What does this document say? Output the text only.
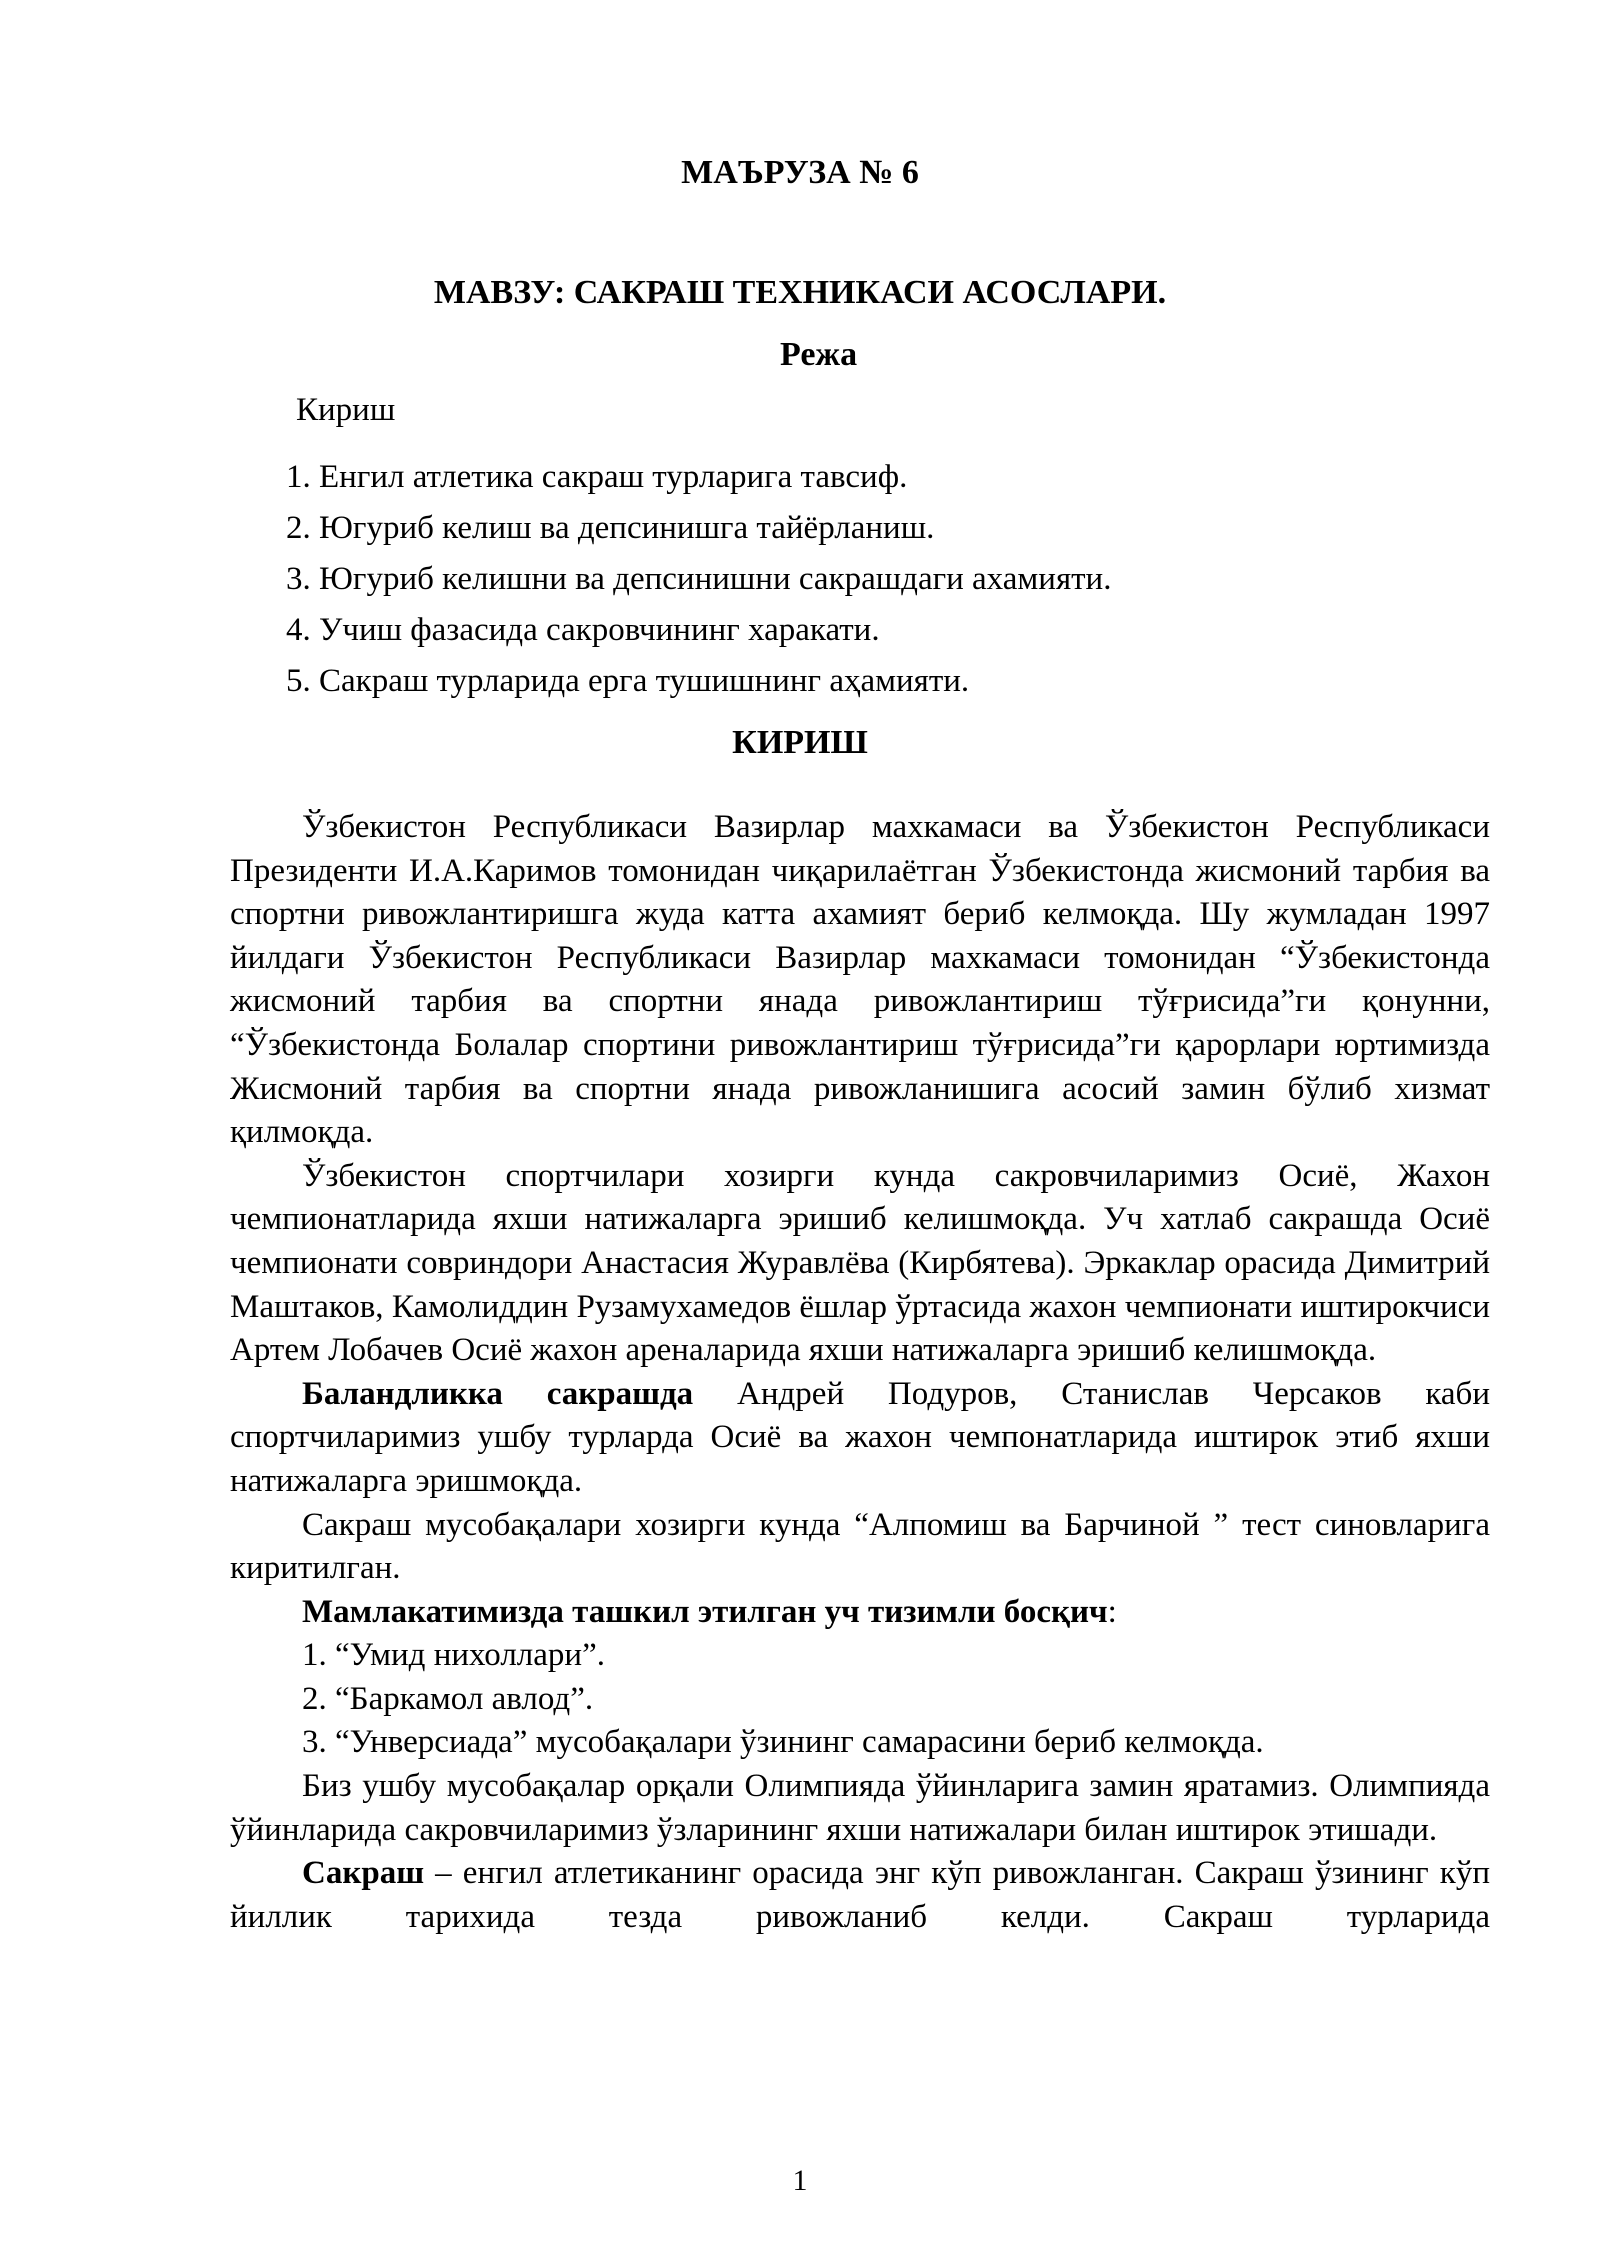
МАЪРУЗА № 6
МАВЗУ: САКРАШ ТЕХНИКАСИ АСОСЛАРИ.
Режа
Кириш
1. Енгил атлетика сакраш турларига тавсиф.
2. Югуриб келиш ва депсинишга тайёрланиш.
3. Югуриб келишни ва депсинишни сакрашдаги ахамияти.
4. Учиш фазасида сакровчининг харакати.
5. Сакраш турларида ерга тушишнинг аҳамияти.
КИРИШ

Ўзбекистон Республикаси Вазирлар махкамаси ва Ўзбекистон Республикаси Президенти И.А.Каримов томонидан чиқарилаётган Ўзбекистонда жисмоний тарбия ва спортни ривожлантиришга жуда катта ахамият бериб келмоқда. Шу жумладан 1997 йилдаги Ўзбекистон Республикаси Вазирлар махкамаси томонидан “Ўзбекистонда жисмоний тарбия ва спортни янада ривожлантириш тўғрисида”ги қонунни, “Ўзбекистонда Болалар спортини ривожлантириш тўғрисида”ги қарорлари юртимизда Жисмоний тарбия ва спортни янада ривожланишига асосий замин бўлиб хизмат қилмоқда.

Ўзбекистон спортчилари хозирги кунда сакровчиларимиз Осиё, Жахон чемпионатларида яхши натижаларга эришиб келишмоқда. Уч хатлаб сакрашда Осиё чемпионати совриндори Анастасия Журавлёва (Кирбятева). Эркаклар орасида Димитрий Маштаков, Камолиддин Рузамухамедов ёшлар ўртасида жахон чемпионати иштирокчиси Артем Лобачев Осиё жахон ареналарида яхши натижаларга эришиб келишмоқда.

Баландликка сакрашда Андрей Подуров, Станислав Черсаков каби спортчиларимиз ушбу турларда Осиё ва жахон чемпонатларида иштирок этиб яхши натижаларга эришмоқда.

Сакраш мусобақалари хозирги кунда “Алпомиш ва Барчиной ” тест синовларига киритилган.

Мамлакатимизда ташкил этилган уч тизимли босқич:

1. “Умид нихоллари”.

2. “Баркамол авлод”.

3. “Унверсиада” мусобақалари ўзининг самарасини бериб келмоқда.

Биз ушбу мусобақалар орқали Олимпияда ўйинларига замин яратамиз. Олимпияда ўйинларида сакровчиларимиз ўзларининг яхши натижалари билан иштирок этишади.

Сакраш – енгил атлетиканинг орасида энг кўп ривожланган. Сакраш ўзининг кўп йиллик тарихида тезда ривожланиб келди. Сакраш турларида

1
